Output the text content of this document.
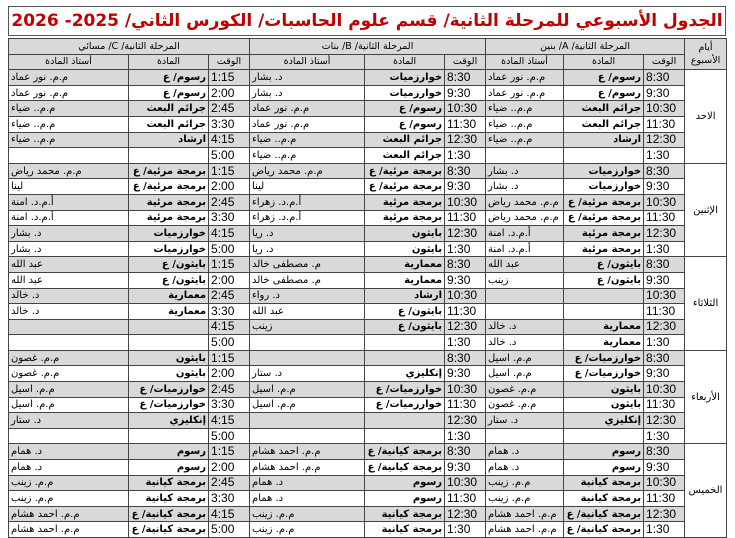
الجدول الأسبوعي للمرحلة الثانية/ قسم علوم الحاسبات/ الكورس الثاني/ 2025- 2026
أيام الأسبوع	المرحلة الثانية/ A/ بنين			المرحلة الثانية/ B/ بنات			المرحلة الثانية/ C/ مسائي		
	الوقت	المادة	أستاذ المادة	الوقت	المادة	أستاذ المادة	الوقت	المادة	أستاذ المادة
الاحد	8:30	رسوم/ ع	م.م. نور عماد	8:30	خوارزميات	د. بشار	1:15	رسوم/ ع	م.م. نور عماد
	9:30	رسوم/ ع	م.م. نور عماد	9:30	خوارزميات	د. بشار	2:00	رسوم/ ع	م.م. نور عماد
	10:30	جرائم البعث	م.م.. ضياء	10:30	رسوم/ ع	م.م. نور عماد	2:45	جرائم البعث	م.م.. ضياء
	11:30	جرائم البعث	م.م.. ضياء	11:30	رسوم/ ع	م.م. نور عماد	3:30	جرائم البعث	م.م.. ضياء
	12:30	ارشاد	م.م.. ضياء	12:30	جرائم البعث	م.م.. ضياء	4:15	ارشاد	م.م.. ضياء
	1:30			1:30	جرائم البعث	م.م.. ضياء	5:00		
الإثنين	8:30	خوارزميات	د. بشار	8:30	برمجة مرئية/ ع	م.م. محمد رياض	1:15	برمجة مرئية/ ع	م.م. محمد رياض
	9:30	خوارزميات	د. بشار	9:30	برمجة مرئية/ ع	لينا	2:00	برمجة مرئية/ ع	لينا
	10:30	برمجة مرئية/ ع	م.م. محمد رياض	10:30	برمجة مرئية	أ.م.د. زهراء	2:45	برمجة مرئية	أ.م.د. امنة
	11:30	برمجة مرئية/ ع	م.م. محمد رياض	11:30	برمجة مرئية	أ.م.د. زهراء	3:30	برمجة مرئية	أ.م.د. امنة
	12:30	برمجة مرئية	أ.م.د. امنة	12:30	بايثون	د. ريا	4:15	خوارزميات	د. بشار
	1:30	برمجة مرئية	أ.م.د. امنة	1:30	بايثون	د. ريا	5:00	خوارزميات	د. بشار
الثلاثاء	8:30	بايثون/ ع	عبد الله	8:30	معمارية	م. مصطفى خالد	1:15	بايثون/ ع	عبد الله
	9:30	بايثون/ ع	زينب	9:30	معمارية	م. مصطفى خالد	2:00	بايثون/ ع	عبد الله
	10:30			10:30	ارشاد	د. رواء	2:45	معمارية	د. خالد
	11:30			11:30	بايثون/ ع	عبد الله	3:30	معمارية	د. خالد
	12:30	معمارية	د. خالد	12:30	بايثون/ ع	زينب	4:15		
	1:30	معمارية	د. خالد	1:30			5:00		
الأربعاء	8:30	خوارزميات/ ع	م.م. اسيل	8:30			1:15	بايثون	م.م. غصون
	9:30	خوارزميات/ ع	م.م. اسيل	9:30	إنكليزي	د. ستار	2:00	بايثون	م.م. غصون
	10:30	بايثون	م.م. غصون	10:30	خوارزميات/ ع	م.م. اسيل	2:45	خوارزميات/ ع	م.م. اسيل
	11:30	بايثون	م.م. غصون	11:30	خوارزميات/ ع	م.م. اسيل	3:30	خوارزميات/ ع	م.م. اسيل
	12:30	إنكليزي	د. ستار	12:30			4:15	إنكليزي	د. ستار
	1:30			1:30			5:00		
الخميس	8:30	رسوم	د. همام	8:30	برمجة كيانية/ ع	م.م. احمد هشام	1:15	رسوم	د. همام
	9:30	رسوم	د. همام	9:30	برمجة كيانية/ ع	م.م. احمد هشام	2:00	رسوم	د. همام
	10:30	برمجة كيانية	م.م. زينب	10:30	رسوم	د. همام	2:45	برمجة كيانية	م.م. زينب
	11:30	برمجة كيانية	م.م. زينب	11:30	رسوم	د. همام	3:30	برمجة كيانية	م.م. زينب
	12:30	برمجة كيانية/ ع	م.م. احمد هشام	12:30	برمجة كيانية	م.م. زينب	4:15	برمجة كيانية/ ع	م.م. احمد هشام
	1:30	برمجة كيانية/ ع	م.م. احمد هشام	1:30	برمجة كيانية	م.م. زينب	5:00	برمجة كيانية/ ع	م.م. احمد هشام
